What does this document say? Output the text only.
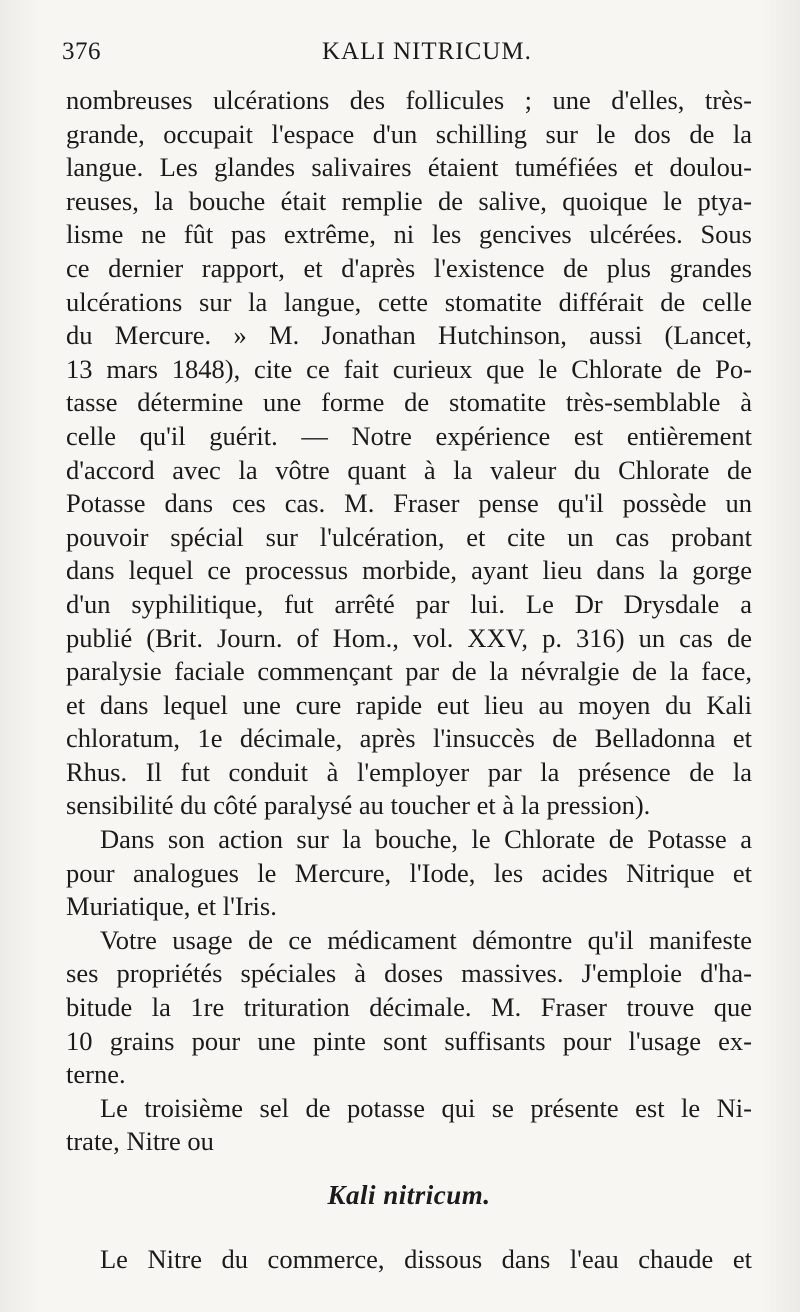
376	KALI NITRICUM.
nombreuses ulcérations des follicules ; une d'elles, très-
grande, occupait l'espace d'un schilling sur le dos de la
langue. Les glandes salivaires étaient tuméfiées et doulou-
reuses, la bouche était remplie de salive, quoique le ptya-
lisme ne fût pas extrême, ni les gencives ulcérées. Sous
ce dernier rapport, et d'après l'existence de plus grandes
ulcérations sur la langue, cette stomatite différait de celle
du Mercure. » M. Jonathan Hutchinson, aussi (Lancet,
13 mars 1848), cite ce fait curieux que le Chlorate de Po-
tasse détermine une forme de stomatite très-semblable à
celle qu'il guérit. — Notre expérience est entièrement
d'accord avec la vôtre quant à la valeur du Chlorate de
Potasse dans ces cas. M. Fraser pense qu'il possède un
pouvoir spécial sur l'ulcération, et cite un cas probant
dans lequel ce processus morbide, ayant lieu dans la gorge
d'un syphilitique, fut arrêté par lui. Le Dr Drysdale a
publié (Brit. Journ. of Hom., vol. XXV, p. 316) un cas de
paralysie faciale commençant par de la névralgie de la face,
et dans lequel une cure rapide eut lieu au moyen du Kali
chloratum, 1e décimale, après l'insuccès de Belladonna et
Rhus. Il fut conduit à l'employer par la présence de la
sensibilité du côté paralysé au toucher et à la pression).
Dans son action sur la bouche, le Chlorate de Potasse a
pour analogues le Mercure, l'Iode, les acides Nitrique et
Muriatique, et l'Iris.
Votre usage de ce médicament démontre qu'il manifeste
ses propriétés spéciales à doses massives. J'emploie d'ha-
bitude la 1re trituration décimale. M. Fraser trouve que
10 grains pour une pinte sont suffisants pour l'usage ex-
terne.
Le troisième sel de potasse qui se présente est le Ni-
trate, Nitre ou
Kali nitricum.
Le Nitre du commerce, dissous dans l'eau chaude et
